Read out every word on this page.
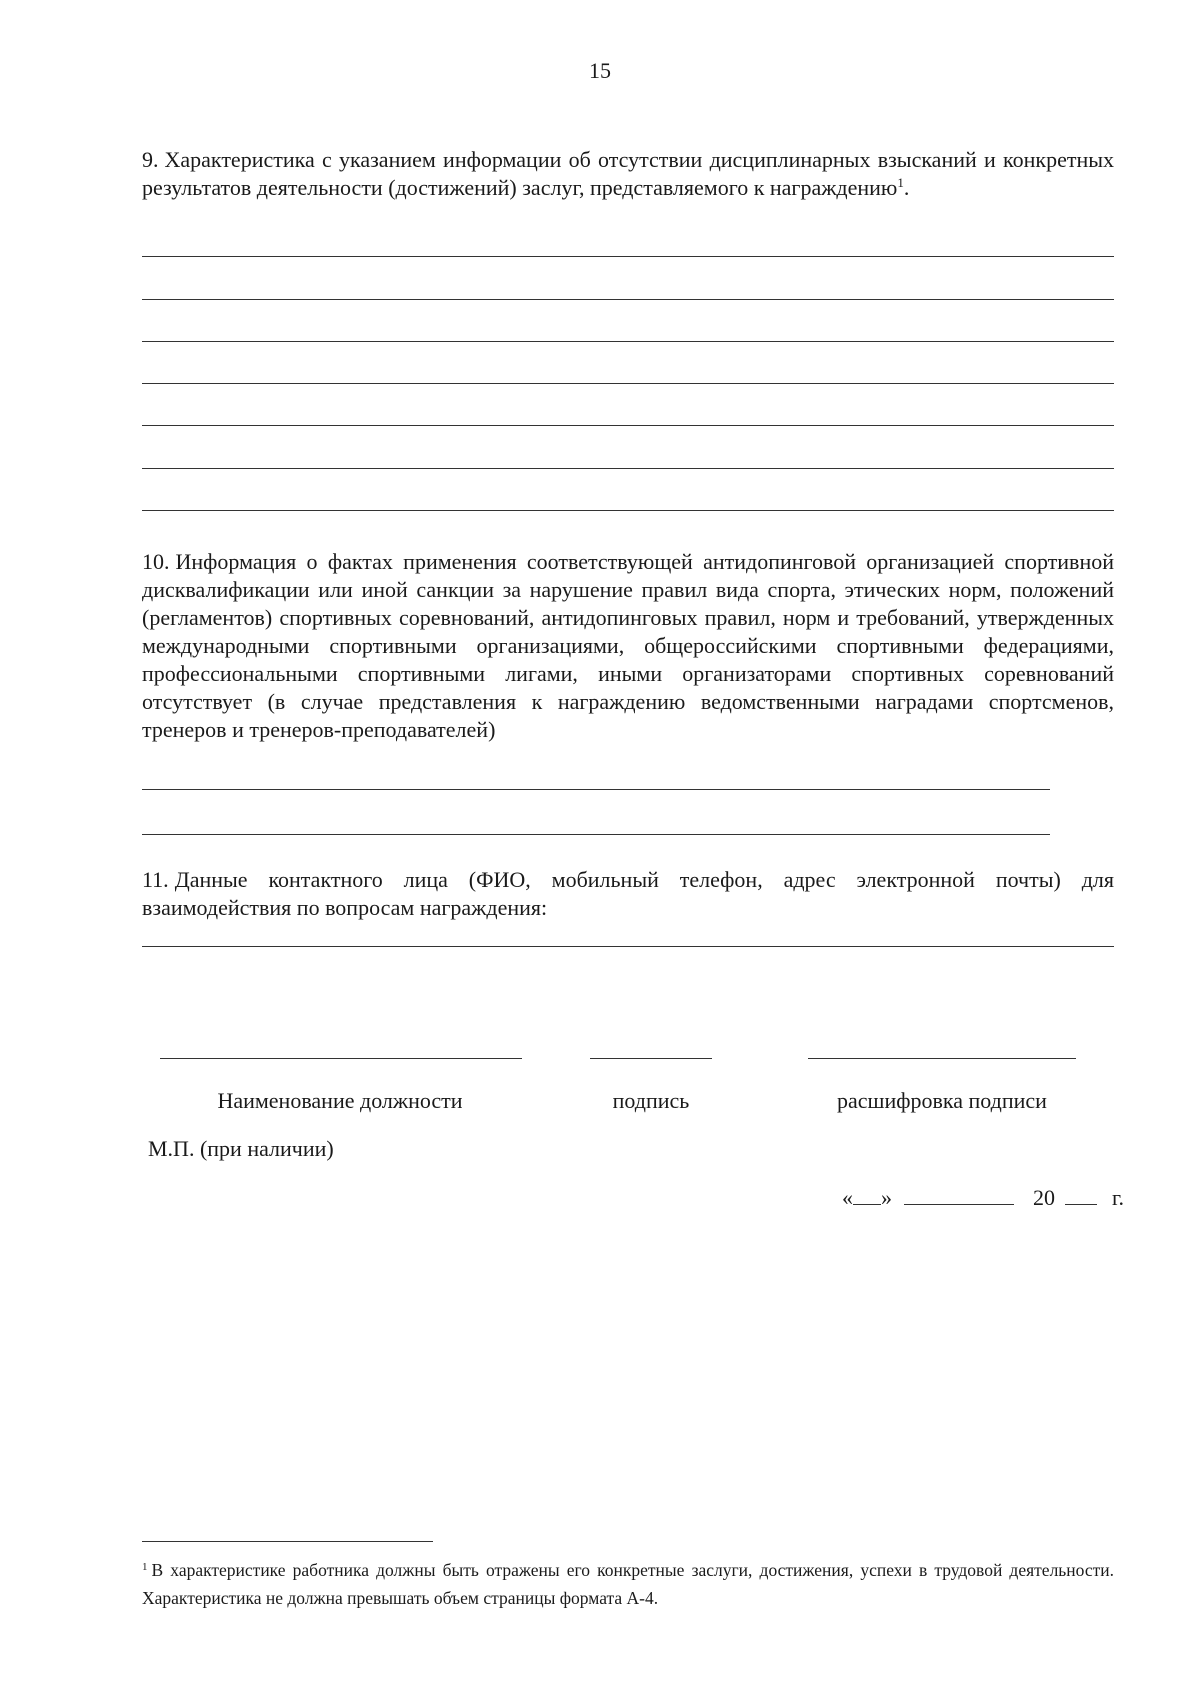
15

9. Характеристика с указанием информации об отсутствии дисциплинарных взысканий и конкретных результатов деятельности (достижений) заслуг, представляемого к награждению$^1$.

10. Информация о фактах применения соответствующей антидопинговой организацией спортивной дисквалификации или иной санкции за нарушение правил вида спорта, этических норм, положений (регламентов) спортивных соревнований, антидопинговых правил, норм и требований, утвержденных международными спортивными организациями, общероссийскими спортивными федерациями, профессиональными спортивными лигами, иными организаторами спортивных соревнований отсутствует (в случае представления к награждению ведомственными наградами спортсменов, тренеров и тренеров-преподавателей)

11. Данные контактного лица (ФИО, мобильный телефон, адрес электронной почты) для взаимодействия по вопросам награждения:

Наименование должности	подпись	расшифровка подписи
М.П. (при наличии)
« »	20	г.

$^1$ В характеристике работника должны быть отражены его конкретные заслуги, достижения, успехи в трудовой деятельности. Характеристика не должна превышать объем страницы формата А-4.
